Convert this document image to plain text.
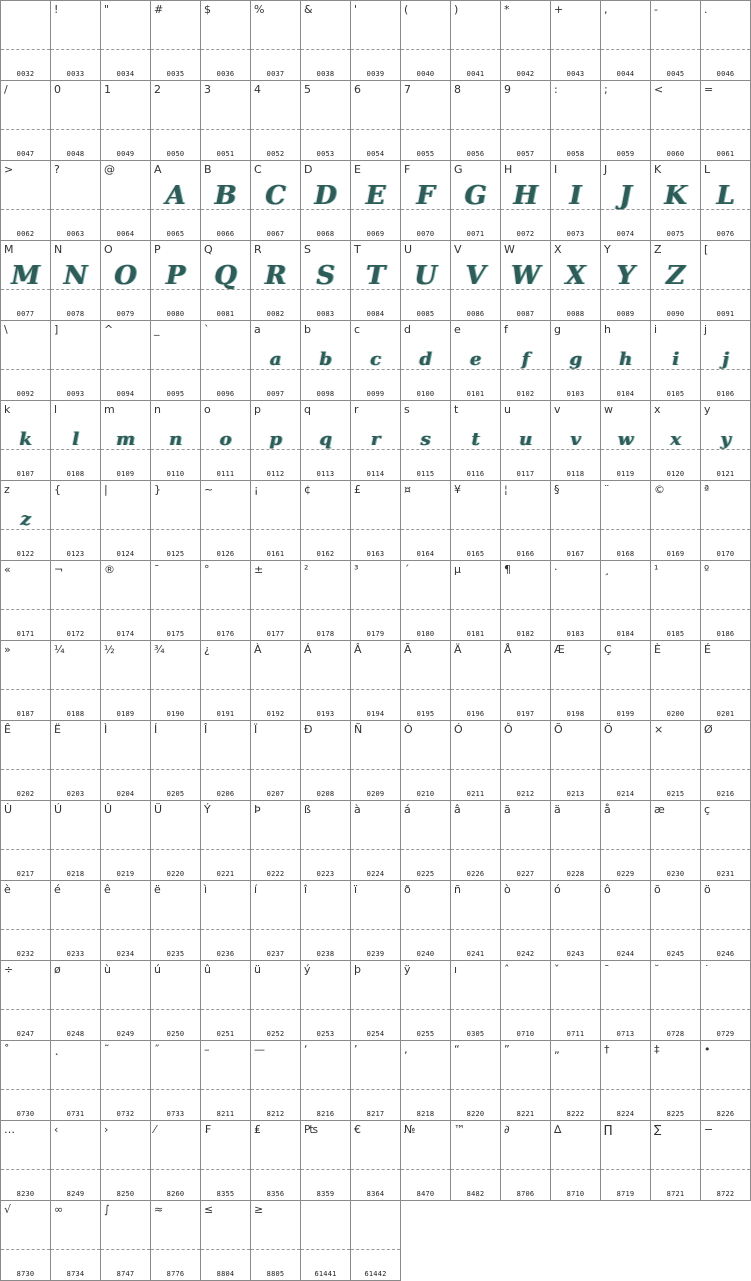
0032
!
0033
"
0034
#
0035
$
0036
%
0037
&
0038
'
0039
(
0040
)
0041
*
0042
+
0043
,
0044
-
0045
.
0046
/
0047
0
0048
1
0049
2
0050
3
0051
4
0052
5
0053
6
0054
7
0055
8
0056
9
0057
:
0058
;
0059
<
0060
=
0061
>
0062
?
0063
@
0064
A
A
0065
B
B
0066
C
C
0067
D
D
0068
E
E
0069
F
F
0070
G
G
0071
H
H
0072
I
I
0073
J
J
0074
K
K
0075
L
L
0076
M
M
0077
N
N
0078
O
O
0079
P
P
0080
Q
Q
0081
R
R
0082
S
S
0083
T
T
0084
U
U
0085
V
V
0086
W
W
0087
X
X
0088
Y
Y
0089
Z
Z
0090
[
0091
\
0092
]
0093
^
0094
_
0095
`
0096
a
a
0097
b
b
0098
c
c
0099
d
d
0100
e
e
0101
f
f
0102
g
g
0103
h
h
0104
i
i
0105
j
j
0106
k
k
0107
l
l
0108
m
m
0109
n
n
0110
o
o
0111
p
p
0112
q
q
0113
r
r
0114
s
s
0115
t
t
0116
u
u
0117
v
v
0118
w
w
0119
x
x
0120
y
y
0121
z
z
0122
{
0123
|
0124
}
0125
~
0126
¡
0161
¢
0162
£
0163
¤
0164
¥
0165
¦
0166
§
0167
¨
0168
©
0169
ª
0170
«
0171
¬
0172
®
0174
¯
0175
°
0176
±
0177
²
0178
³
0179
´
0180
µ
0181
¶
0182
·
0183
¸
0184
¹
0185
º
0186
»
0187
¼
0188
½
0189
¾
0190
¿
0191
À
0192
Á
0193
Â
0194
Ã
0195
Ä
0196
Å
0197
Æ
0198
Ç
0199
È
0200
É
0201
Ê
0202
Ë
0203
Ì
0204
Í
0205
Î
0206
Ï
0207
Ð
0208
Ñ
0209
Ò
0210
Ó
0211
Ô
0212
Õ
0213
Ö
0214
×
0215
Ø
0216
Ù
0217
Ú
0218
Û
0219
Ü
0220
Ý
0221
Þ
0222
ß
0223
à
0224
á
0225
â
0226
ã
0227
ä
0228
å
0229
æ
0230
ç
0231
è
0232
é
0233
ê
0234
ë
0235
ì
0236
í
0237
î
0238
ï
0239
ð
0240
ñ
0241
ò
0242
ó
0243
ô
0244
õ
0245
ö
0246
÷
0247
ø
0248
ù
0249
ú
0250
û
0251
ü
0252
ý
0253
þ
0254
ÿ
0255
ı
0305
ˆ
0710
ˇ
0711
ˉ
0713
˘
0728
˙
0729
˚
0730
˛
0731
˜
0732
˝
0733
–
8211
—
8212
‘
8216
’
8217
‚
8218
“
8220
”
8221
„
8222
†
8224
‡
8225
•
8226
…
8230
‹
8249
›
8250
⁄
8260
₣
8355
₤
8356
₧
8359
€
8364
№
8470
™
8482
∂
8706
∆
8710
∏
8719
∑
8721
−
8722
√
8730
∞
8734
∫
8747
≈
8776
≤
8804
≥
8805	61441	61442
